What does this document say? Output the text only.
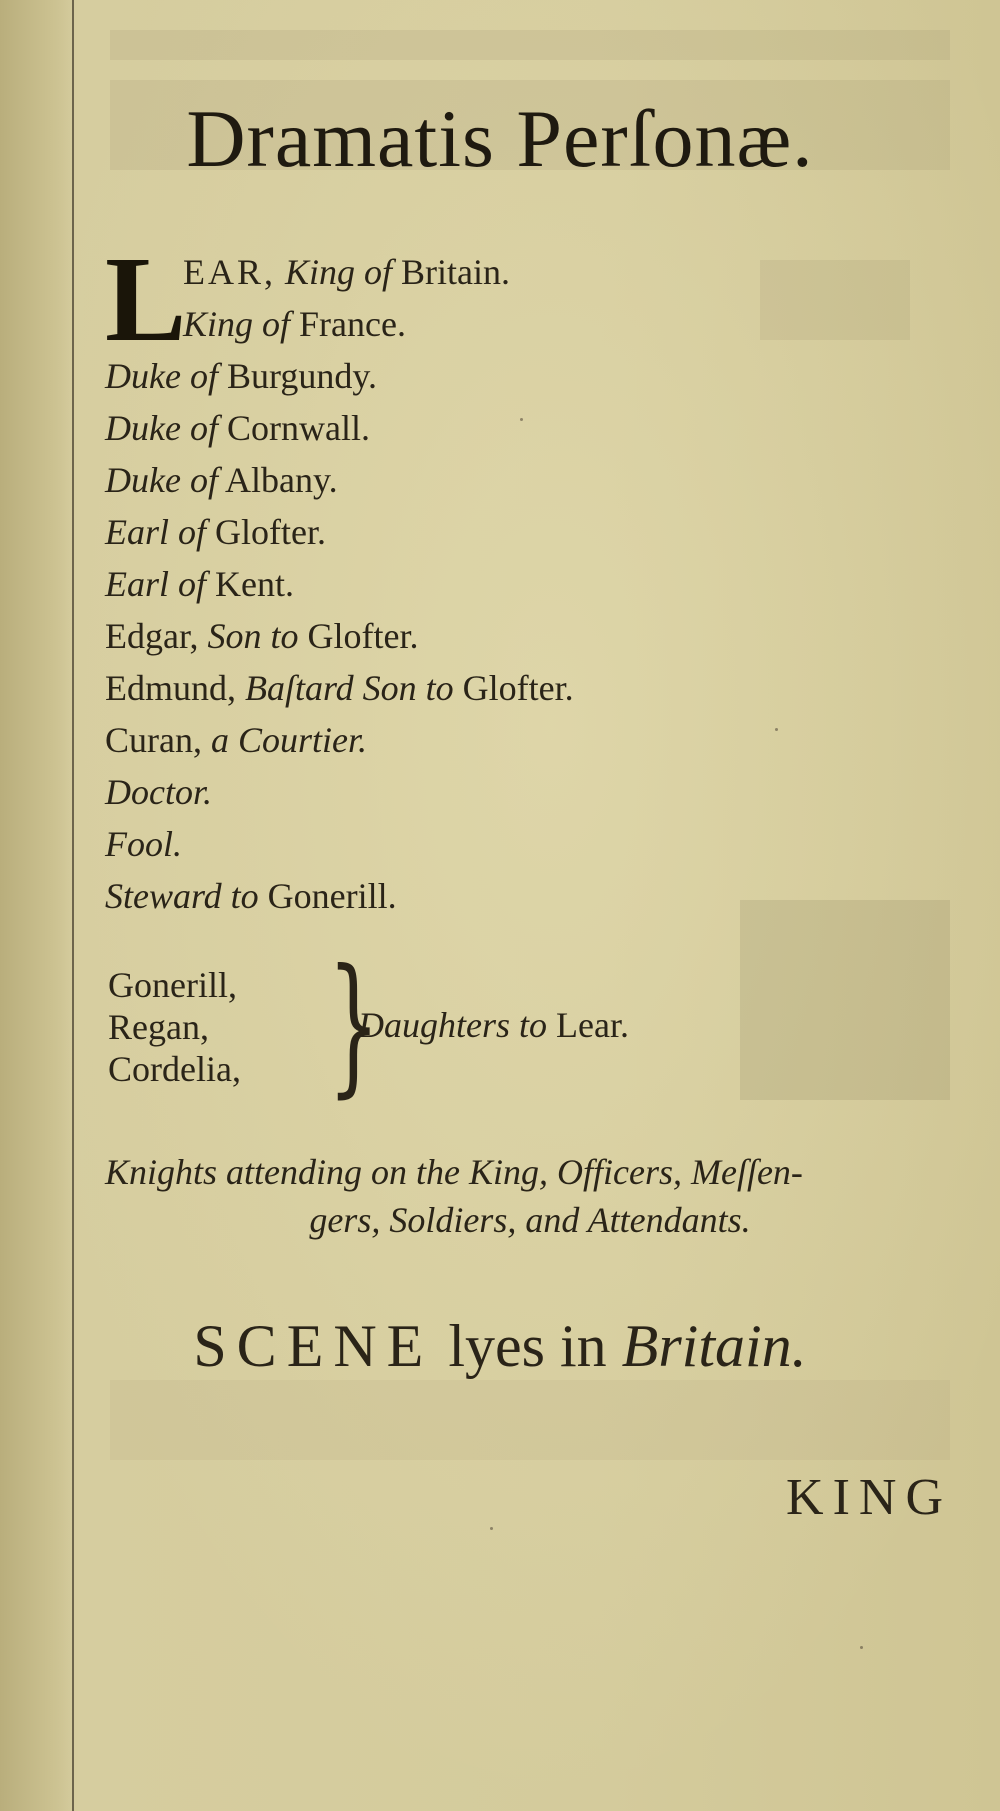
Dramatis Perſonæ.
L
EAR, King of Britain.
King of France.
Duke of Burgundy.
Duke of Cornwall.
Duke of Albany.
Earl of Glofter.
Earl of Kent.
Edgar, Son to Glofter.
Edmund, Baſtard Son to Glofter.
Curan, a Courtier.
Doctor.
Fool.
Steward to Gonerill.
Gonerill,
Regan,
Cordelia, }
Daughters to Lear.
Knights attending on the King, Officers, Meſſen-
gers, Soldiers, and Attendants.
SCENE lyes in Britain.
KING
